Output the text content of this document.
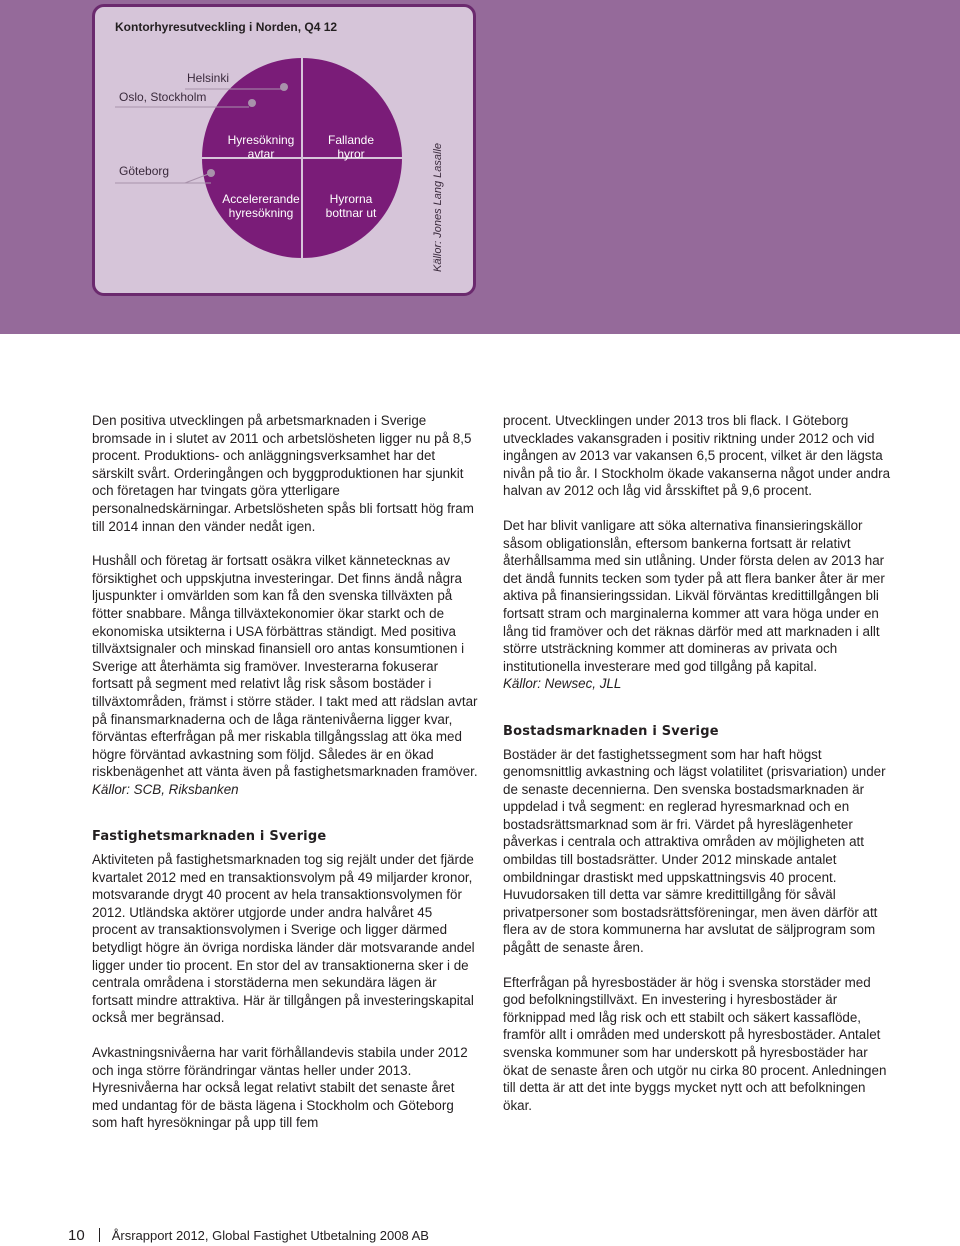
Kontorhyresutveckling i Norden, Q4 12
Helsinki
Oslo, Stockholm
Göteborg
Hyresökning
avtar
Fallande
hyror
Accelererande
hyresökning
Hyrorna
bottnar ut	Källor: Jones Lang Lasalle

Den positiva utvecklingen på arbetsmarknaden i Sverige bromsade in i slutet av 2011 och arbetslösheten ligger nu på 8,5 procent. Produktions- och anläggningsverksamhet har det särskilt svårt. Orderingången och byggproduktionen har sjunkit och företagen har tvingats göra ytterligare personalnedskärningar. Arbetslösheten spås bli fortsatt hög fram till 2014 innan den vänder nedåt igen.

Hushåll och företag är fortsatt osäkra vilket kännetecknas av försiktighet och uppskjutna investeringar. Det finns ändå några ljuspunkter i omvärlden som kan få den svenska tillväxten på fötter snabbare. Många tillväxtekonomier ökar starkt och de ekonomiska utsikterna i USA förbättras ständigt. Med positiva tillväxtsignaler och minskad finansiell oro antas konsumtionen i Sverige att återhämta sig framöver. Investerarna fokuserar fortsatt på segment med relativt låg risk såsom bostäder i tillväxtområden, främst i större städer. I takt med att rädslan avtar på finansmarknaderna och de låga räntenivåerna ligger kvar, förväntas efterfrågan på mer riskabla tillgångsslag att öka med högre förväntad avkastning som följd. Således är en ökad riskbenägenhet att vänta även på fastighetsmarknaden framöver.
Källor: SCB, Riksbanken

Fastighetsmarknaden i Sverige

Aktiviteten på fastighetsmarknaden tog sig rejält under det fjärde kvartalet 2012 med en transaktionsvolym på 49 miljarder kronor, motsvarande drygt 40 procent av hela transaktionsvolymen för 2012. Utländska aktörer utgjorde under andra halvåret 45 procent av transaktionsvolymen i Sverige och ligger därmed betydligt högre än övriga nordiska länder där motsvarande andel ligger under tio procent. En stor del av transaktionerna sker i de centrala områdena i storstäderna men sekundära lägen är fortsatt mindre attraktiva. Här är tillgången på investeringskapital också mer begränsad.

Avkastningsnivåerna har varit förhållandevis stabila under 2012 och inga större förändringar väntas heller under 2013. Hyresnivåerna har också legat relativt stabilt det senaste året med undantag för de bästa lägena i Stockholm och Göteborg som haft hyresökningar på upp till fem

procent. Utvecklingen under 2013 tros bli flack. I Göteborg utvecklades vakansgraden i positiv riktning under 2012 och vid ingången av 2013 var vakansen 6,5 procent, vilket är den lägsta nivån på tio år. I Stockholm ökade vakanserna något under andra halvan av 2012 och låg vid årsskiftet på 9,6 procent.

Det har blivit vanligare att söka alternativa finansieringskällor såsom obligationslån, eftersom bankerna fortsatt är relativt återhållsamma med sin utlåning. Under första delen av 2013 har det ändå funnits tecken som tyder på att flera banker åter är mer aktiva på finansieringssidan. Likväl förväntas kredittillgången bli fortsatt stram och marginalerna kommer att vara höga under en lång tid framöver och det räknas därför med att marknaden i allt större utsträckning kommer att domineras av privata och institutionella investerare med god tillgång på kapital.
Källor: Newsec, JLL

Bostadsmarknaden i Sverige

Bostäder är det fastighetssegment som har haft högst genomsnittlig avkastning och lägst volatilitet (prisvariation) under de senaste decennierna. Den svenska bostadsmarknaden är uppdelad i två segment: en reglerad hyresmarknad och en bostadsrättsmarknad som är fri. Värdet på hyreslägenheter påverkas i centrala och attraktiva områden av möjligheten att ombildas till bostadsrätter. Under 2012 minskade antalet ombildningar drastiskt med uppskattningsvis 40 procent. Huvudorsaken till detta var sämre kredittillgång för såväl privatpersoner som bostadsrättsföreningar, men även därför att flera av de stora kommunerna har avslutat de säljprogram som pågått de senaste åren.

Efterfrågan på hyresbostäder är hög i svenska storstäder med god befolkningstillväxt. En investering i hyresbostäder är förknippad med låg risk och ett stabilt och säkert kassaflöde, framför allt i områden med underskott på hyresbostäder. Antalet svenska kommuner som har underskott på hyresbostäder har ökat de senaste åren och utgör nu cirka 80 procent. Anledningen till detta är att det inte byggs mycket nytt och att befolkningen ökar.

10 Årsrapport 2012, Global Fastighet Utbetalning 2008 AB
